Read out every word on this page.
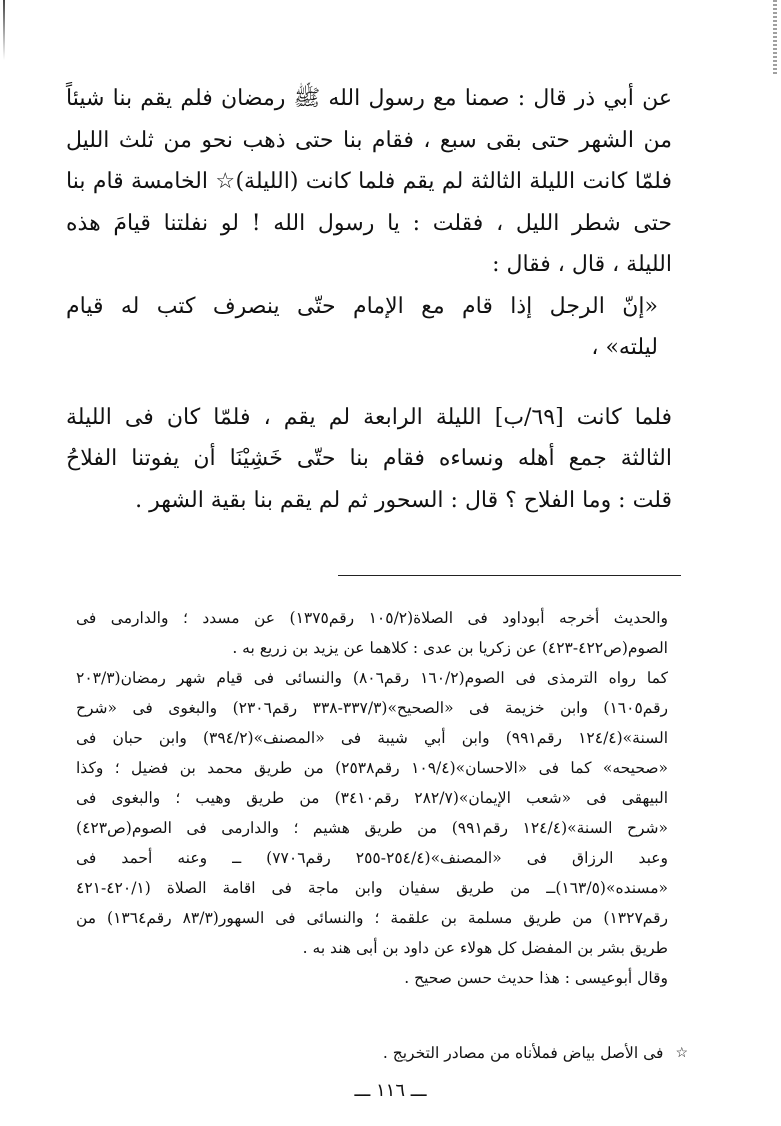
عن أبي ذر قال : صمنا مع رسول الله ﷺ رمضان فلم يقم بنا شيئاً
من الشهر حتى بقى سبع ، فقام بنا حتى ذهب نحو من ثلث الليل
فلمّا كانت الليلة الثالثة لم يقم فلما كانت (الليلة)☆ الخامسة قام بنا
حتى شطر الليل ، فقلت : يا رسول الله ! لو نفلتنا قيامَ هذه
الليلة ، قال ، فقال :
«إنّ الرجل إذا قام مع الإمام حتّى ينصرف كتب له قيام
ليلته» ،
فلما كانت [٦٩/ب] الليلة الرابعة لم يقم ، فلمّا كان فى الليلة
الثالثة جمع أهله ونساءه فقام بنا حتّى خَشِيْنَا أن يفوتنا الفلاحُ
قلت : وما الفلاح ؟ قال : السحور ثم لم يقم بنا بقية الشهر .
والحديث أخرجه أبوداود فى الصلاة(١٠٥/٢ رقم١٣٧٥) عن مسدد ؛ والدارمى فى
الصوم(ص٤٢٢-٤٢٣) عن زكريا بن عدى : كلاهما عن يزيد بن زريع به .
كما رواه الترمذى فى الصوم(١٦٠/٢ رقم٨٠٦) والنسائى فى قيام شهر رمضان(٢٠٣/٣
رقم١٦٠٥) وابن خزيمة فى «الصحيح»(٣٣٧/٣-٣٣٨ رقم٢٣٠٦) والبغوى فى «شرح
السنة»(١٢٤/٤ رقم٩٩١) وابن أبي شيبة فى «المصنف»(٣٩٤/٢) وابن حبان فى
«صحيحه» كما فى «الاحسان»(١٠٩/٤ رقم٢٥٣٨) من طريق محمد بن فضيل ؛ وكذا
البيهقى فى «شعب الإيمان»(٢٨٢/٧ رقم٣٤١٠) من طريق وهيب ؛ والبغوى فى
«شرح السنة»(١٢٤/٤ رقم٩٩١) من طريق هشيم ؛ والدارمى فى الصوم(ص٤٢٣)
وعبد الرزاق فى «المصنف»(٢٥٤/٤-٢٥٥ رقم٧٧٠٦) ــ وعنه أحمد فى
«مسنده»(١٦٣/٥)ــ من طريق سفيان وابن ماجة فى اقامة الصلاة (٤٢٠/١-٤٢١
رقم١٣٢٧) من طريق مسلمة بن علقمة ؛ والنسائى فى السهور(٨٣/٣ رقم١٣٦٤) من
طريق بشر بن المفضل كل هولاء عن داود بن أبى هند به .
وقال أبوعيسى : هذا حديث حسن صحيح .
☆
فى الأصل بياض فملأناه من مصادر التخريج .
ـــ ١١٦ ـــ
